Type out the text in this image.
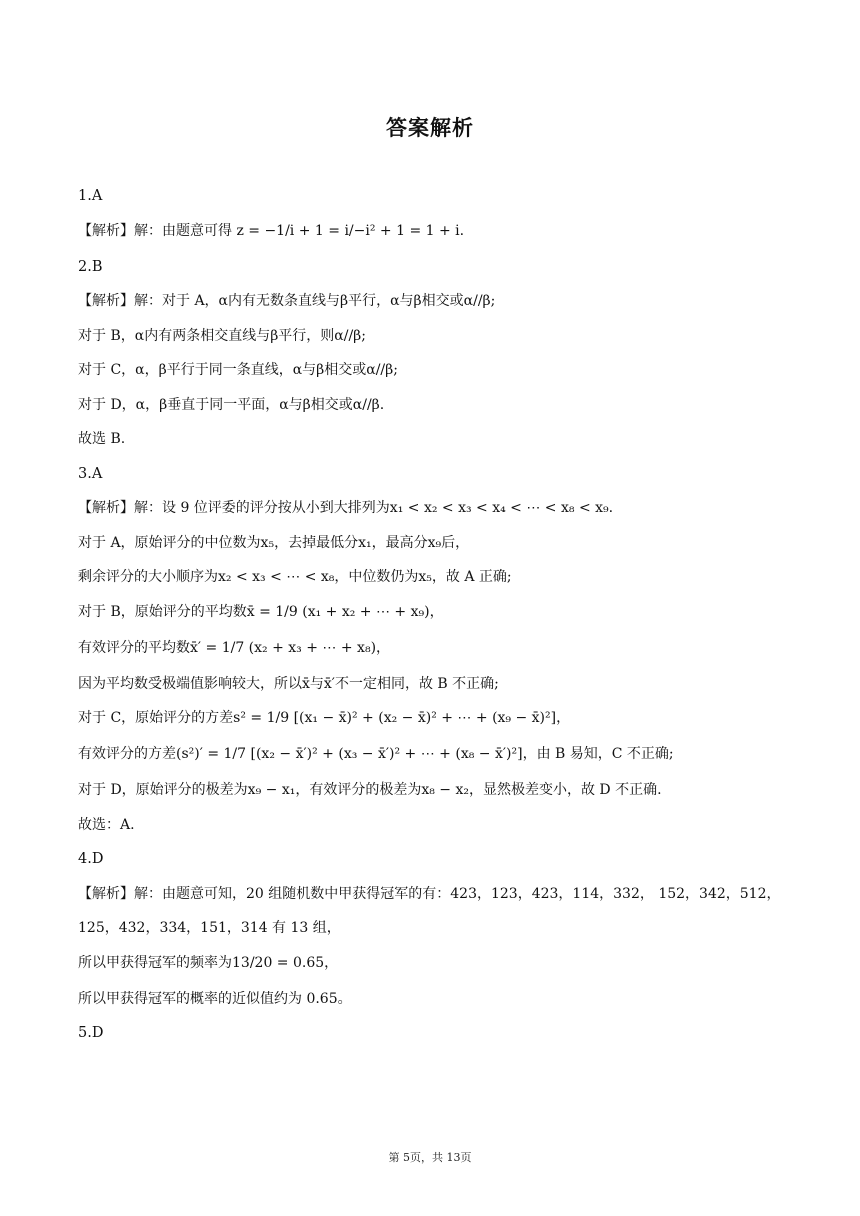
答案解析
1.A
【解析】解：由题意可得 z = −1/i + 1 = i/−i² + 1 = 1 + i.
2.B
【解析】解：对于 A，α内有无数条直线与β平行，α与β相交或α//β;
对于 B，α内有两条相交直线与β平行，则α//β;
对于 C，α，β平行于同一条直线，α与β相交或α//β;
对于 D，α，β垂直于同一平面，α与β相交或α//β.
故选 B.
3.A
【解析】解：设 9 位评委的评分按从小到大排列为x₁ < x₂ < x₃ < x₄ < ⋯ < x₈ < x₉.
对于 A，原始评分的中位数为x₅，去掉最低分x₁，最高分x₉后，
剩余评分的大小顺序为x₂ < x₃ < ⋯ < x₈，中位数仍为x₅，故 A 正确;
对于 B，原始评分的平均数x̄ = 1/9 (x₁ + x₂ + ⋯ + x₉)，
有效评分的平均数x̄′ = 1/7 (x₂ + x₃ + ⋯ + x₈)，
因为平均数受极端值影响较大，所以x̄与x̄′不一定相同，故 B 不正确;
对于 C，原始评分的方差s² = 1/9 [(x₁ − x̄)² + (x₂ − x̄)² + ⋯ + (x₉ − x̄)²]，
有效评分的方差(s²)′ = 1/7 [(x₂ − x̄′)² + (x₃ − x̄′)² + ⋯ + (x₈ − x̄′)²]，由 B 易知，C 不正确;
对于 D，原始评分的极差为x₉ − x₁，有效评分的极差为x₈ − x₂，显然极差变小，故 D 不正确.
故选：A.
4.D
【解析】解：由题意可知，20 组随机数中甲获得冠军的有：423，123，423，114，332， 152，342，512，
125，432，334，151，314 有 13 组，
所以甲获得冠军的频率为13/20 = 0.65，
所以甲获得冠军的概率的近似值约为 0.65。
5.D
第 5页，共 13页
